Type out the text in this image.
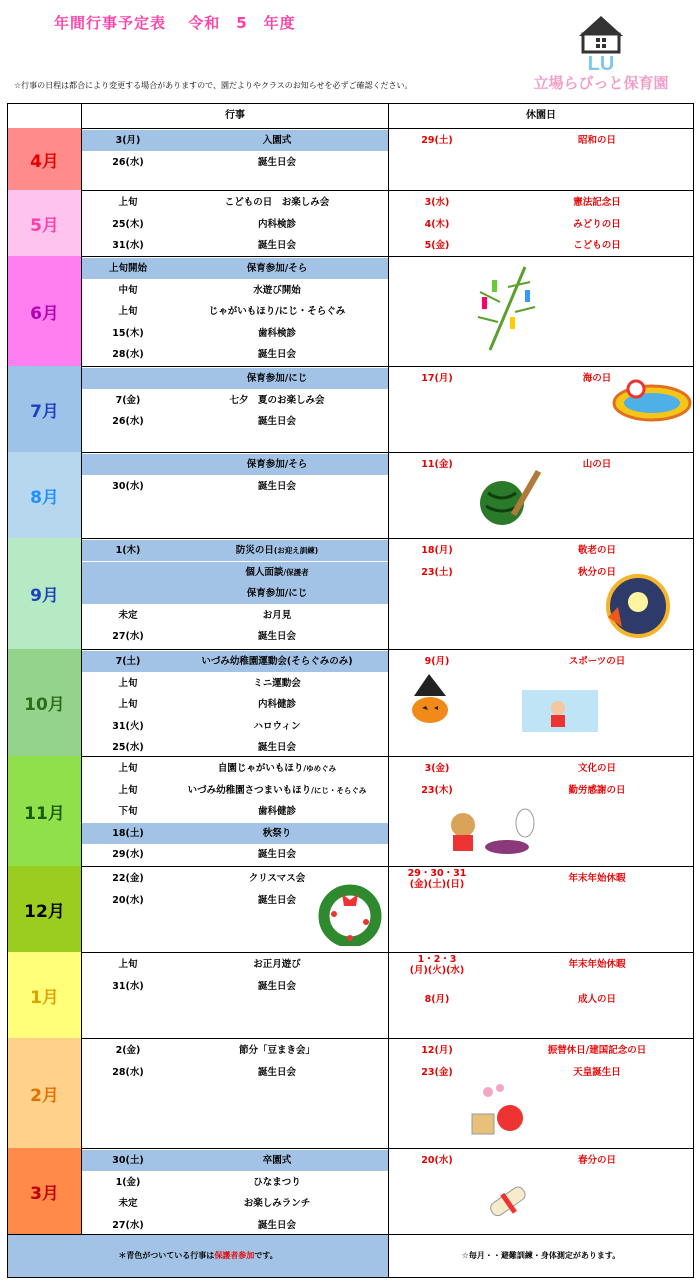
年間行事予定表　 令和　5　年度
☆行事の日程は都合により変更する場合がありますので、園だよりやクラスのお知らせを必ずご確認ください。
LU
立場らびっと保育園
行事	休園日
4月
3(月)	入園式
26(水)	誕生日会
29(土)	昭和の日
5月
上旬	こどもの日　お楽しみ会
25(木)	内科検診
31(水)	誕生日会
3(水)	憲法記念日
4(木)	みどりの日
5(金)	こどもの日
6月
上旬開始	保育参加/そら
中旬	水遊び開始
上旬	じゃがいもほり/にじ・そらぐみ
15(木)	歯科検診
28(水)	誕生日会
7月
保育参加/にじ
7(金)	七夕　夏のお楽しみ会
26(水)	誕生日会
17(月)	海の日
8月
保育参加/そら
30(水)	誕生日会
11(金)	山の日
9月
1(木)	防災の日(お迎え訓練)
個人面談/保護者
保育参加/にじ
未定	お月見
27(水)	誕生日会
18(月)	敬老の日
23(土)	秋分の日
10月
7(土)	いづみ幼稚園運動会(そらぐみのみ)
上旬	ミニ運動会
上旬	内科健診
31(火)	ハロウィン
25(水)	誕生日会
9(月)	スポーツの日
11月
上旬	自園じゃがいもほり/ゆめぐみ
上旬	いづみ幼稚園さつまいもほり/にじ・そらぐみ
下旬	歯科健診
18(土)	秋祭り
29(水)	誕生日会
3(金)	文化の日
23(木)	勤労感謝の日
12月
22(金)	クリスマス会
20(水)	誕生日会
29・30・31	年末年始休暇
(金)(土)(日)
1月
上旬	お正月遊び
31(水)	誕生日会
1・2・3	年末年始休暇
(月)(火)(水)
8(月)	成人の日
2月
2(金)	節分「豆まき会」
28(水)	誕生日会
12(月)	振替休日/建国記念の日
23(金)	天皇誕生日
3月
30(土)	卒園式
1(金)	ひなまつり
未定	お楽しみランチ
27(水)	誕生日会
20(水)	春分の日
＊青色がついている行事は保護者参加です。	☆毎月・・避難訓練・身体測定があります。
